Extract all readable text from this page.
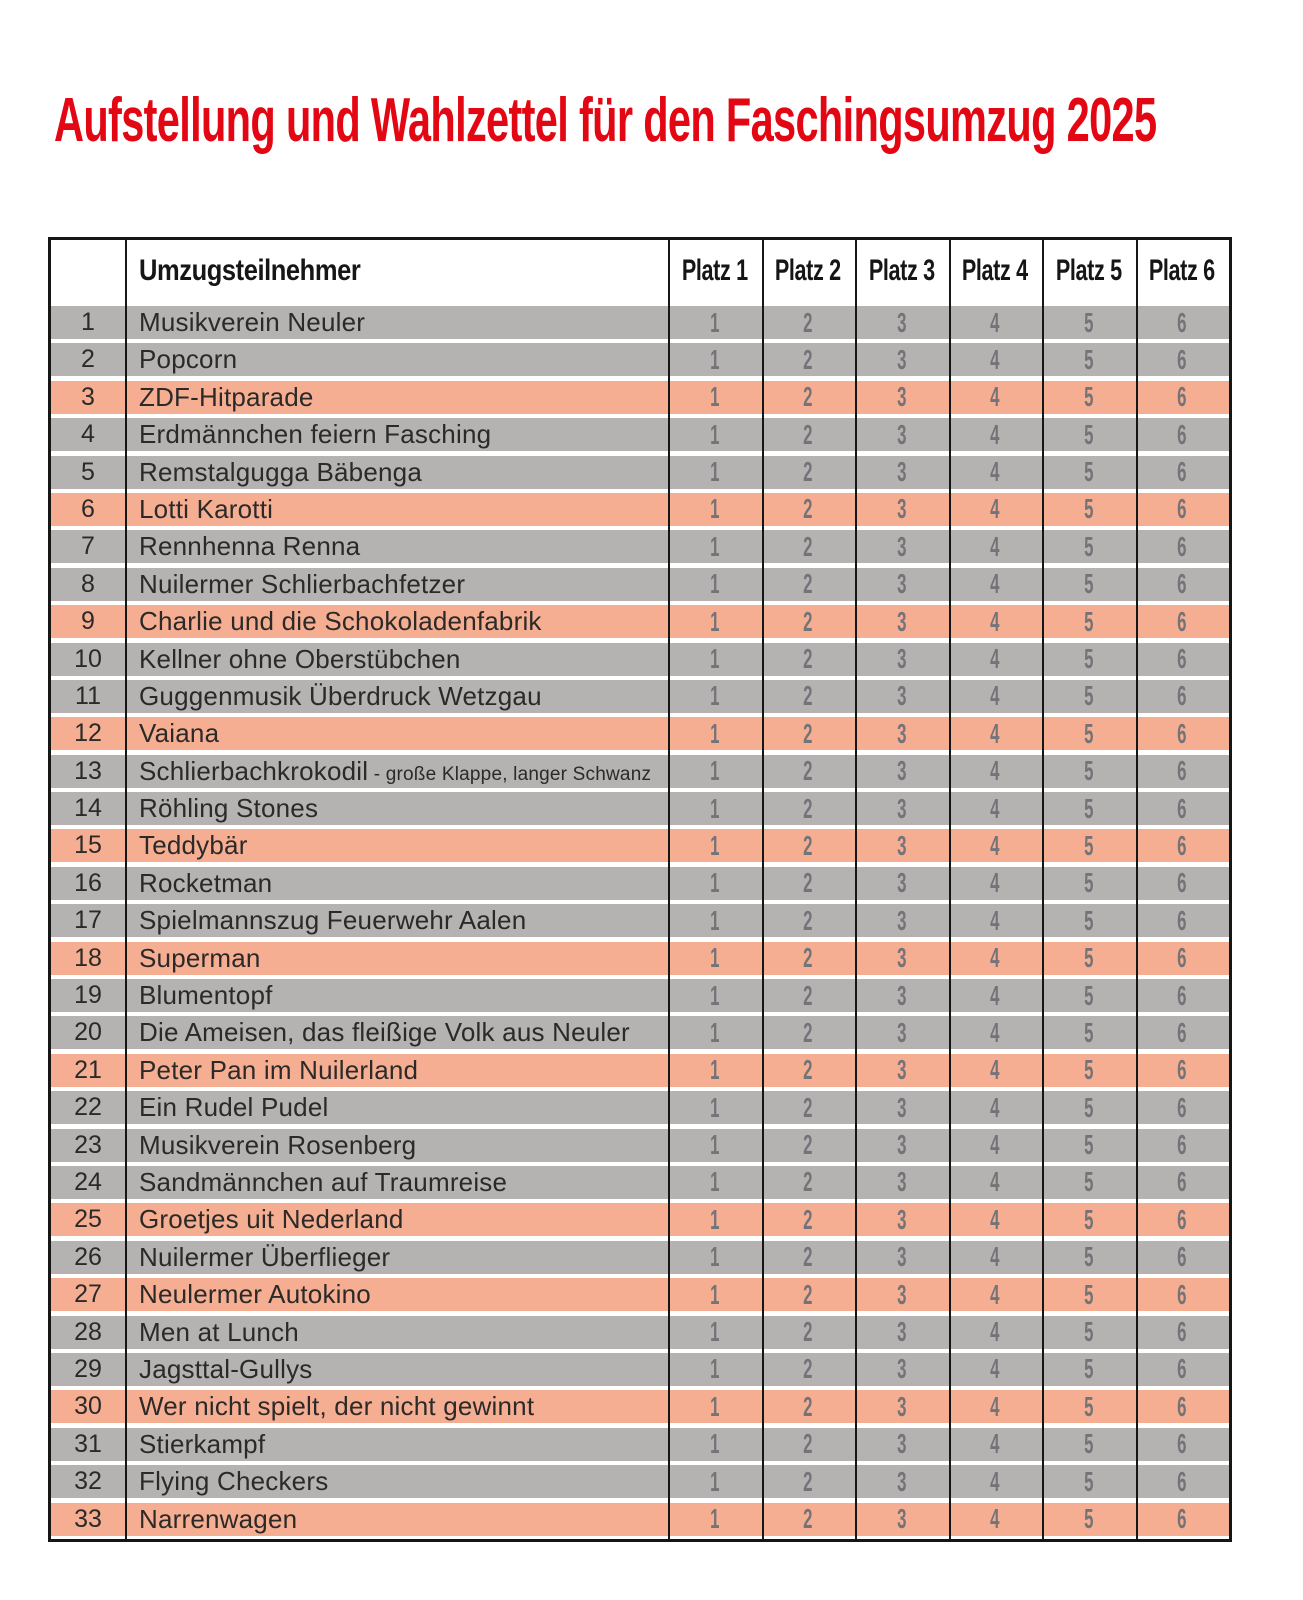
Aufstellung und Wahlzettel für den Faschingsumzug 2025
Umzugsteilnehmer	Platz 1 Platz 2 Platz 3 Platz 4 Platz 5 Platz 6
1	Musikverein Neuler	1	2	3	4	5	6
2	Popcorn	1	2	3	4	5	6
3	ZDF-Hitparade	1	2	3	4	5	6
4	Erdmännchen feiern Fasching	1	2	3	4	5	6
5	Remstalgugga Bäbenga	1	2	3	4	5	6
6	Lotti Karotti	1	2	3	4	5	6
7	Rennhenna Renna	1	2	3	4	5	6
8	Nuilermer Schlierbachfetzer	1	2	3	4	5	6
9	Charlie und die Schokoladenfabrik	1	2	3	4	5	6
10	Kellner ohne Oberstübchen	1	2	3	4	5	6
11	Guggenmusik Überdruck Wetzgau	1	2	3	4	5	6
12	Vaiana	1	2	3	4	5	6
13	Schlierbachkrokodil - große Klappe, langer Schwanz	1	2	3	4	5	6
14	Röhling Stones	1	2	3	4	5	6
15	Teddybär	1	2	3	4	5	6
16	Rocketman	1	2	3	4	5	6
17	Spielmannszug Feuerwehr Aalen	1	2	3	4	5	6
18	Superman	1	2	3	4	5	6
19	Blumentopf	1	2	3	4	5	6
20	Die Ameisen, das fleißige Volk aus Neuler	1	2	3	4	5	6
21	Peter Pan im Nuilerland	1	2	3	4	5	6
22	Ein Rudel Pudel	1	2	3	4	5	6
23	Musikverein Rosenberg	1	2	3	4	5	6
24	Sandmännchen auf Traumreise	1	2	3	4	5	6
25	Groetjes uit Nederland	1	2	3	4	5	6
26	Nuilermer Überflieger	1	2	3	4	5	6
27	Neulermer Autokino	1	2	3	4	5	6
28	Men at Lunch	1	2	3	4	5	6
29	Jagsttal-Gullys	1	2	3	4	5	6
30	Wer nicht spielt, der nicht gewinnt	1	2	3	4	5	6
31	Stierkampf	1	2	3	4	5	6
32	Flying Checkers	1	2	3	4	5	6
33	Narrenwagen	1	2	3	4	5	6
